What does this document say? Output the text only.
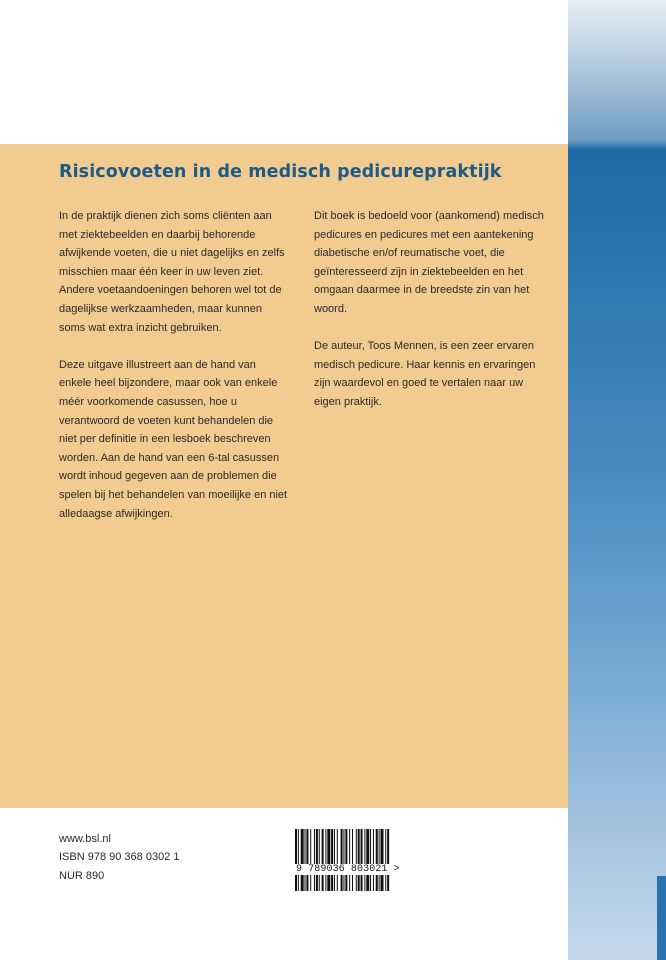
Risicovoeten in de medisch pedicurepraktijk

In de praktijk dienen zich soms cliënten aan met ziektebeelden en daarbij behorende afwijkende voeten, die u niet dagelijks en zelfs misschien maar één keer in uw leven ziet. Andere voetaandoeningen behoren wel tot de dagelijkse werkzaamheden, maar kunnen soms wat extra inzicht gebruiken.

Deze uitgave illustreert aan de hand van enkele heel bijzondere, maar ook van enkele méér voorkomende casussen, hoe u verantwoord de voeten kunt behandelen die niet per definitie in een lesboek beschreven worden. Aan de hand van een 6-tal casussen wordt inhoud gegeven aan de problemen die spelen bij het behandelen van moeilijke en niet alledaagse afwijkingen.

Dit boek is bedoeld voor (aankomend) medisch pedicures en pedicures met een aantekening diabetische en/of reumatische voet, die geïnteresseerd zijn in ziektebeelden en het omgaan daarmee in de breedste zin van het woord.

De auteur, Toos Mennen, is een zeer ervaren medisch pedicure. Haar kennis en ervaringen zijn waardevol en goed te vertalen naar uw eigen praktijk.

www.bsl.nl
ISBN 978 90 368 0302 1
NUR 890
9 789036 803021 >
